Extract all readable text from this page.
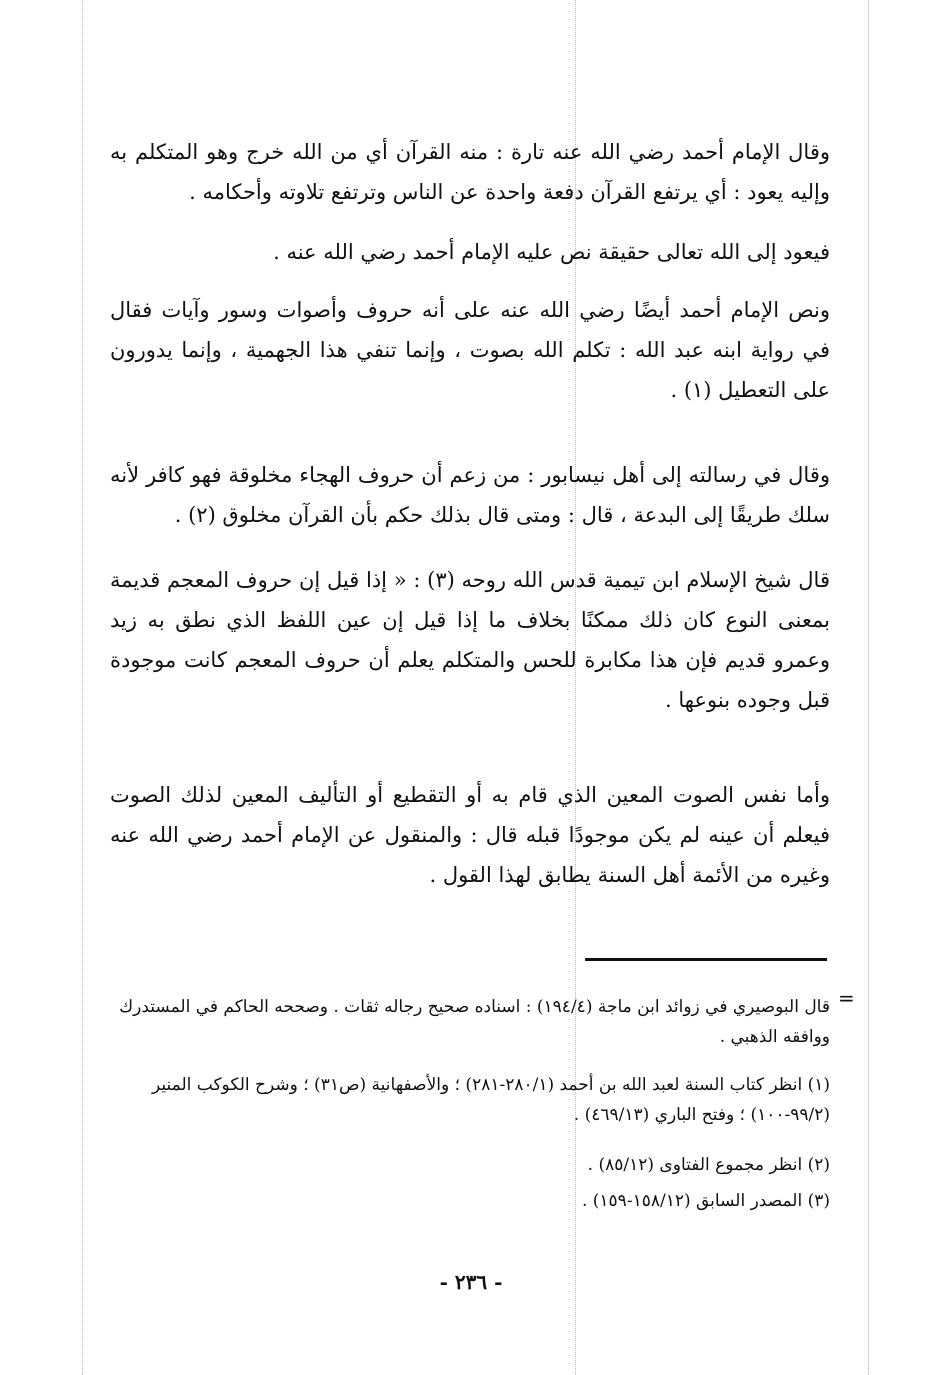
وقال الإمام أحمد رضي الله عنه تارة : منه القرآن أي من الله خرج وهو المتكلم به وإليه يعود : أي يرتفع القرآن دفعة واحدة عن الناس وترتفع تلاوته وأحكامه .

فيعود إلى الله تعالى حقيقة نص عليه الإمام أحمد رضي الله عنه .

ونص الإمام أحمد أيضًا رضي الله عنه على أنه حروف وأصوات وسور وآيات فقال في رواية ابنه عبد الله : تكلم الله بصوت ، وإنما تنفي هذا الجهمية ، وإنما يدورون على التعطيل (١) .

وقال في رسالته إلى أهل نيسابور : من زعم أن حروف الهجاء مخلوقة فهو كافر لأنه سلك طريقًا إلى البدعة ، قال : ومتى قال بذلك حكم بأن القرآن مخلوق (٢) .

قال شيخ الإسلام ابن تيمية قدس الله روحه (٣) : « إذا قيل إن حروف المعجم قديمة بمعنى النوع كان ذلك ممكنًا بخلاف ما إذا قيل إن عين اللفظ الذي نطق به زيد وعمرو قديم فإن هذا مكابرة للحس والمتكلم يعلم أن حروف المعجم كانت موجودة قبل وجوده بنوعها .

وأما نفس الصوت المعين الذي قام به أو التقطيع أو التأليف المعين لذلك الصوت فيعلم أن عينه لم يكن موجودًا قبله قال : والمنقول عن الإمام أحمد رضي الله عنه وغيره من الأئمة أهل السنة يطابق لهذا القول .

=

قال البوصيري في زوائد ابن ماجة (١٩٤/٤) : اسناده صحيح رجاله ثقات . وصححه الحاكم في المستدرك ووافقه الذهبي .

(١) انظر كتاب السنة لعبد الله بن أحمد (٢٨٠/١-٢٨١) ؛ والأصفهانية (ص٣١) ؛ وشرح الكوكب المنير (٩٩/٢-١٠٠) ؛ وفتح الباري (٤٦٩/١٣) .

(٢) انظر مجموع الفتاوى (٨٥/١٢) .

(٣) المصدر السابق (١٥٨/١٢-١٥٩) .

- ٢٣٦ -
